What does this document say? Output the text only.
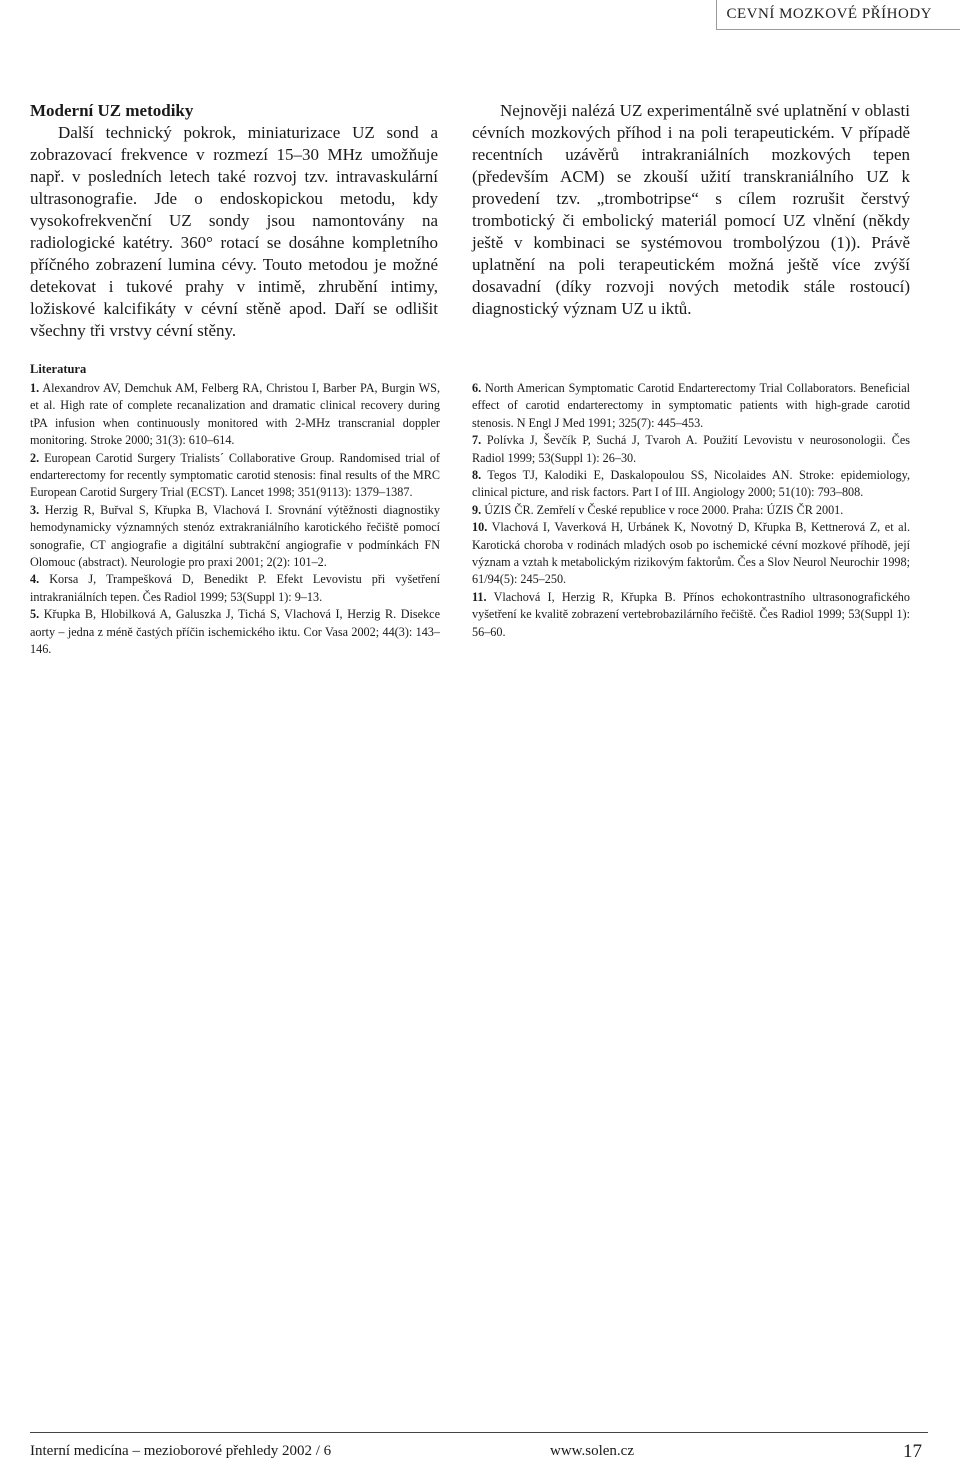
CEVNÍ MOZKOVÉ PŘÍHODY

Moderní UZ metodiky

Další technický pokrok, miniaturizace UZ sond a zobrazovací frekvence v rozmezí 15–30 MHz umožňuje např. v posledních letech také rozvoj tzv. intravaskulární ultrasonografie. Jde o endoskopickou metodu, kdy vysokofrekvenční UZ sondy jsou namontovány na radiologické katétry. 360° rotací se dosáhne kompletního příčného zobrazení lumina cévy. Touto metodou je možné detekovat i tukové prahy v intimě, zhrubění intimy, ložiskové kalcifikáty v cévní stěně apod. Daří se odlišit všechny tři vrstvy cévní stěny.

Nejnověji nalézá UZ experimentálně své uplatnění v oblasti cévních mozkových příhod i na poli terapeutickém. V případě recentních uzávěrů intrakraniálních mozkových tepen (především ACM) se zkouší užití transkraniálního UZ k provedení tzv. „trombotripse“ s cílem rozrušit čerstvý trombotický či embolický materiál pomocí UZ vlnění (někdy ještě v kombinaci se systémovou trombolýzou (1)). Právě uplatnění na poli terapeutickém možná ještě více zvýší dosavadní (díky rozvoji nových metodik stále rostoucí) diagnostický význam UZ u iktů.

Literatura

1. Alexandrov AV, Demchuk AM, Felberg RA, Christou I, Barber PA, Burgin WS, et al. High rate of complete recanalization and dramatic clinical recovery during tPA infusion when continuously monitored with 2-MHz transcranial doppler monitoring. Stroke 2000; 31(3): 610–614.

2. European Carotid Surgery Trialists´ Collaborative Group. Randomised trial of endarterectomy for recently symptomatic carotid stenosis: final results of the MRC European Carotid Surgery Trial (ECST). Lancet 1998; 351(9113): 1379–1387.

3. Herzig R, Buřval S, Křupka B, Vlachová I. Srovnání výtěžnosti diagnostiky hemodynamicky významných stenóz extrakraniálního karotického řečiště pomocí sonografie, CT angiografie a digitální subtrakční angiografie v podmínkách FN Olomouc (abstract). Neurologie pro praxi 2001; 2(2): 101–2.

4. Korsa J, Trampešková D, Benedikt P. Efekt Levovistu při vyšetření intrakraniálních tepen. Čes Radiol 1999; 53(Suppl 1): 9–13.

5. Křupka B, Hlobilková A, Galuszka J, Tichá S, Vlachová I, Herzig R. Disekce aorty – jedna z méně častých příčin ischemického iktu. Cor Vasa 2002; 44(3): 143–146.

6. North American Symptomatic Carotid Endarterectomy Trial Collaborators. Beneficial effect of carotid endarterectomy in symptomatic patients with high-grade carotid stenosis. N Engl J Med 1991; 325(7): 445–453.

7. Polívka J, Ševčík P, Suchá J, Tvaroh A. Použití Levovistu v neurosonologii. Čes Radiol 1999; 53(Suppl 1): 26–30.

8. Tegos TJ, Kalodiki E, Daskalopoulou SS, Nicolaides AN. Stroke: epidemiology, clinical picture, and risk factors. Part I of III. Angiology 2000; 51(10): 793–808.

9. ÚZIS ČR. Zemřelí v České republice v roce 2000. Praha: ÚZIS ČR 2001.

10. Vlachová I, Vaverková H, Urbánek K, Novotný D, Křupka B, Kettnerová Z, et al. Karotická choroba v rodinách mladých osob po ischemické cévní mozkové příhodě, její význam a vztah k metabolickým rizikovým faktorům. Čes a Slov Neurol Neurochir 1998; 61/94(5): 245–250.

11. Vlachová I, Herzig R, Křupka B. Přínos echokontrastního ultrasonografického vyšetření ke kvalitě zobrazení vertebrobazilárního řečiště. Čes Radiol 1999; 53(Suppl 1): 56–60.

Interní medicína – mezioborové přehledy 2002 / 6	www.solen.cz	17
